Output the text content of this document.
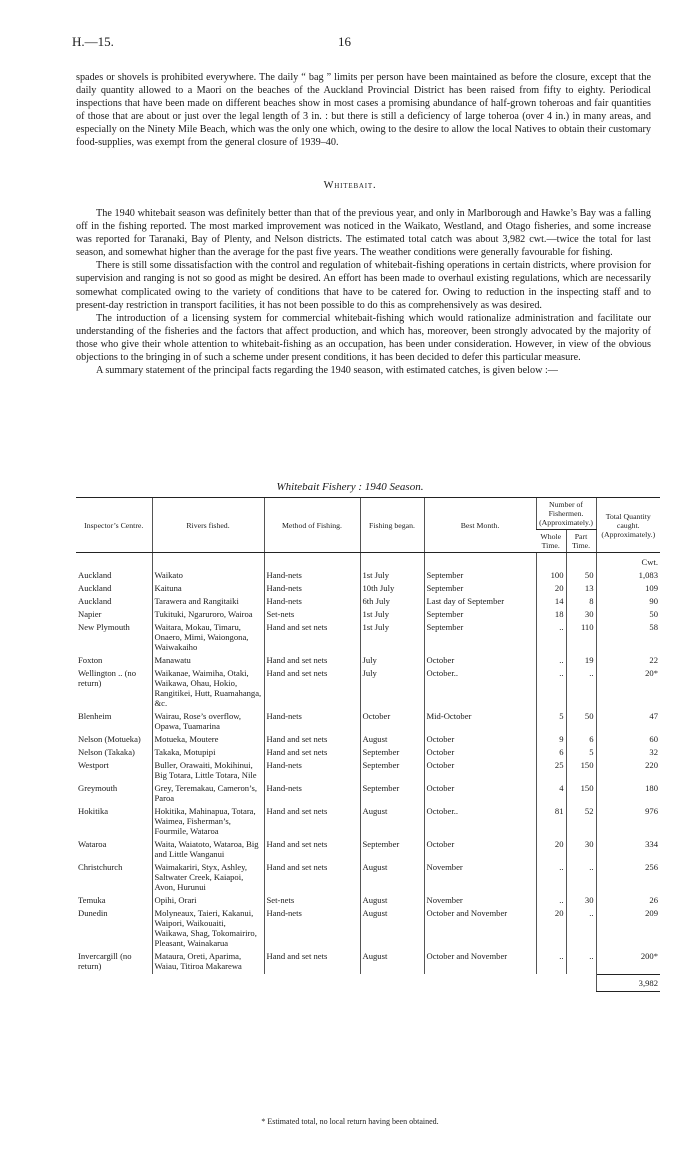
H.—15.	16

spades or shovels is prohibited everywhere. The daily “ bag ” limits per person have been maintained as before the closure, except that the daily quantity allowed to a Maori on the beaches of the Auckland Provincial District has been raised from fifty to eighty. Periodical inspections that have been made on different beaches show in most cases a promising abundance of half-grown toheroas and fair quantities of those that are about or just over the legal length of 3 in. : but there is still a deficiency of large toheroa (over 4 in.) in many areas, and especially on the Ninety Mile Beach, which was the only one which, owing to the desire to allow the local Natives to obtain their customary food-supplies, was exempt from the general closure of 1939–40.

Whitebait.

The 1940 whitebait season was definitely better than that of the previous year, and only in Marlborough and Hawke’s Bay was a falling off in the fishing reported. The most marked improvement was noticed in the Waikato, Westland, and Otago fisheries, and some increase was reported for Taranaki, Bay of Plenty, and Nelson districts. The estimated total catch was about 3,982 cwt.—twice the total for last season, and somewhat higher than the average for the past five years. The weather conditions were generally favourable for fishing.

There is still some dissatisfaction with the control and regulation of whitebait-fishing operations in certain districts, where provision for supervision and ranging is not so good as might be desired. An effort has been made to overhaul existing regulations, which are necessarily somewhat complicated owing to the variety of conditions that have to be catered for. Owing to reduction in the inspecting staff and to present-day restriction in transport facilities, it has not been possible to do this as comprehensively as was desired.

The introduction of a licensing system for commercial whitebait-fishing which would rationalize administration and facilitate our understanding of the fisheries and the factors that affect production, and which has, moreover, been strongly advocated by the majority of those who give their whole attention to whitebait-fishing as an occupation, has been under consideration. However, in view of the obvious objections to the bringing in of such a scheme under present conditions, it has been decided to defer this particular measure.

A summary statement of the principal facts regarding the 1940 season, with estimated catches, is given below :—

Whitebait Fishery : 1940 Season.
Inspector’s Centre.	Rivers fished.	Method of Fishing.	Fishing began.	Best Month.	Number of Fishermen. (Approximately.)		Total Quantity caught. (Approximately.)
					Whole Time.	Part Time.	
							Cwt.
Auckland	Waikato	Hand-nets	1st July	September	100	50	1,083
Auckland	Kaituna	Hand-nets	10th July	September	20	13	109
Auckland	Tarawera and Rangitaiki	Hand-nets	6th July	Last day of September	14	8	90
Napier	Tukituki, Ngaruroro, Wairoa	Set-nets	1st July	September	18	30	50
New Plymouth	Waitara, Mokau, Timaru, Onaero, Mimi, Waiongona, Waiwakaiho	Hand and set nets	1st July	September	..	110	58
Foxton	Manawatu	Hand and set nets	July	October	..	19	22
Wellington .. (no return)	Waikanae, Waimiha, Otaki, Waikawa, Ohau, Hokio, Rangitikei, Hutt, Ruamahanga, &c.	Hand and set nets	July	October..	..	..	20*
Blenheim	Wairau, Rose’s overflow, Opawa, Tuamarina	Hand-nets	October	Mid-October	5	50	47
Nelson (Motueka)	Motueka, Moutere	Hand and set nets	August	October	9	6	60
Nelson (Takaka)	Takaka, Motupipi	Hand and set nets	September	October	6	5	32
Westport	Buller, Orawaiti, Mokihinui, Big Totara, Little Totara, Nile	Hand-nets	September	October	25	150	220
Greymouth	Grey, Teremakau, Cameron’s, Paroa	Hand-nets	September	October	4	150	180
Hokitika	Hokitika, Mahinapua, Totara, Waimea, Fisherman’s, Fourmile, Wataroa	Hand and set nets	August	October..	81	52	976
Wataroa	Waita, Waiatoto, Wataroa, Big and Little Wanganui	Hand and set nets	September	October	20	30	334
Christchurch	Waimakariri, Styx, Ashley, Saltwater Creek, Kaiapoi, Avon, Hurunui	Hand and set nets	August	November	..	..	256
Temuka	Opihi, Orari	Set-nets	August	November	..	30	26
Dunedin	Molyneaux, Taieri, Kakanui, Waipori, Waikouaiti, Waikawa, Shag, Tokomairiro, Pleasant, Wainakarua	Hand-nets	August	October and November	20	..	209
Invercargill (no return)	Mataura, Oreti, Aparima, Waiau, Titiroa Makarewa	Hand and set nets	August	October and November	..	..	200*
							3,982
* Estimated total, no local return having been obtained.
